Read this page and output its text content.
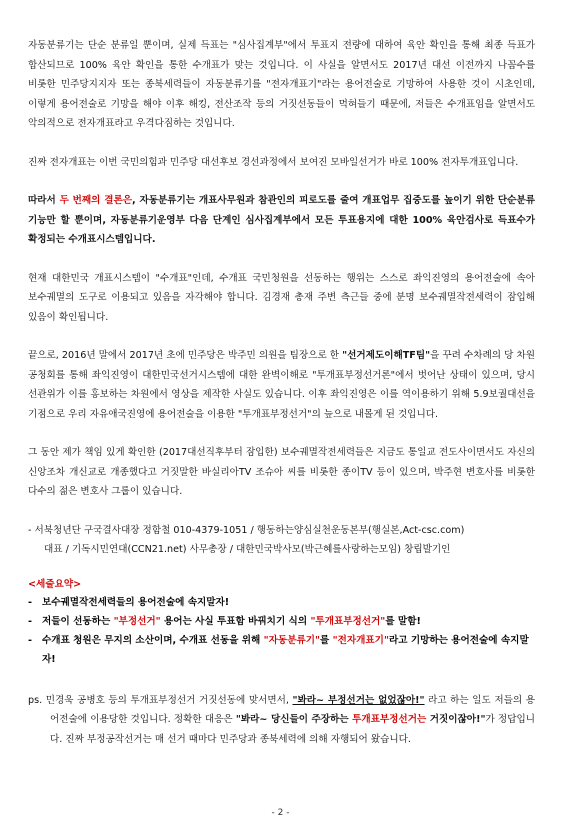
자동분류기는 단순 분류일 뿐이며, 실제 득표는 "심사집계부"에서 투표지 전량에 대하여 육안 확인을 통해 최종 득표가 합산되므로 100% 육안 확인을 통한 수개표가 맞는 것입니다. 이 사실을 알면서도 2017년 대선 이전까지 나꼼수를 비롯한 민주당지지자 또는 종북세력들이 자동분류기를 "전자개표기"라는 용어전술로 기망하여 사용한 것이 시초인데, 이렇게 용어전술로 기망을 해야 이후 해킹, 전산조작 등의 거짓선동들이 먹혀들기 때문에, 저들은 수개표임을 알면서도 악의적으로 전자개표라고 우격다짐하는 것입니다.

진짜 전자개표는 이번 국민의힘과 민주당 대선후보 경선과정에서 보여진 모바일선거가 바로 100% 전자투개표입니다.

따라서 두 번째의 결론은, 자동분류기는 개표사무원과 참관인의 피로도를 줄여 개표업무 집중도를 높이기 위한 단순분류 기능만 할 뿐이며, 자동분류기운영부 다음 단계인 심사집계부에서 모든 투표용지에 대한 100% 육안검사로 득표수가 확정되는 수개표시스템입니다.

현재 대한민국 개표시스템이 "수개표"인데, 수개표 국민청원을 선동하는 행위는 스스로 좌익진영의 용어전술에 속아 보수궤멸의 도구로 이용되고 있음을 자각해야 합니다. 김경재 총재 주변 측근들 중에 분명 보수궤멸작전세력이 잠입해 있음이 확인됩니다.

끝으로, 2016년 말에서 2017년 초에 민주당은 박주민 의원을 팀장으로 한 "선거제도이해TF팀"을 꾸려 수차례의 당 차원 공청회를 통해 좌익진영이 대한민국선거시스템에 대한 완벽이해로 "투개표부정선거론"에서 벗어난 상태이 있으며, 당시 선관위가 이를 홍보하는 차원에서 영상을 제작한 사실도 있습니다. 이후 좌익진영은 이를 역이용하기 위해 5.9보궐대선을 기점으로 우리 자유애국진영에 용어전술을 이용한 "투개표부정선거"의 늪으로 내몰게 된 것입니다.

그 동안 제가 책임 있게 확인한 (2017대선직후부터 잠입한) 보수궤멸작전세력들은 지금도 통일교 전도사이면서도 자신의 신앙조차 개신교로 개종했다고 거짓말한 바실리아TV 조슈아 씨를 비롯한 종이TV 등이 있으며, 박주현 변호사를 비롯한 다수의 젊은 변호사 그룹이 있습니다.

- 서북청년단 구국결사대장 정함철 010-4379-1051 / 행동하는양심실천운동본부(행실본,Act-csc.com)
대표 / 기독시민연대(CCN21.net) 사무총장 / 대한민국박사모(박근혜를사랑하는모임) 창립발기인

<세줄요약>

- 보수궤멸작전세력들의 용어전술에 속지말자!

- 저들이 선동하는 "부정선거" 용어는 사실 투표함 바꿔치기 식의 "투개표부정선거"를 말함!

- 수개표 청원은 무지의 소산이며, 수개표 선동을 위해 "자동분류기"를 "전자개표기"라고 기망하는 용어전술에 속지말자!

ps. 민경욱 공병호 등의 투개표부정선거 거짓선동에 맞서면서, "봐라~ 부정선거는 없었잖아!" 라고 하는 일도 저들의 용어전술에 이용당한 것입니다. 정확한 대응은 "봐라~ 당신들이 주장하는 투개표부정선거는 거짓이잖아!"가 정답입니다. 진짜 부정공작선거는 매 선거 때마다 민주당과 종북세력에 의해 자행되어 왔습니다.

- 2 -
